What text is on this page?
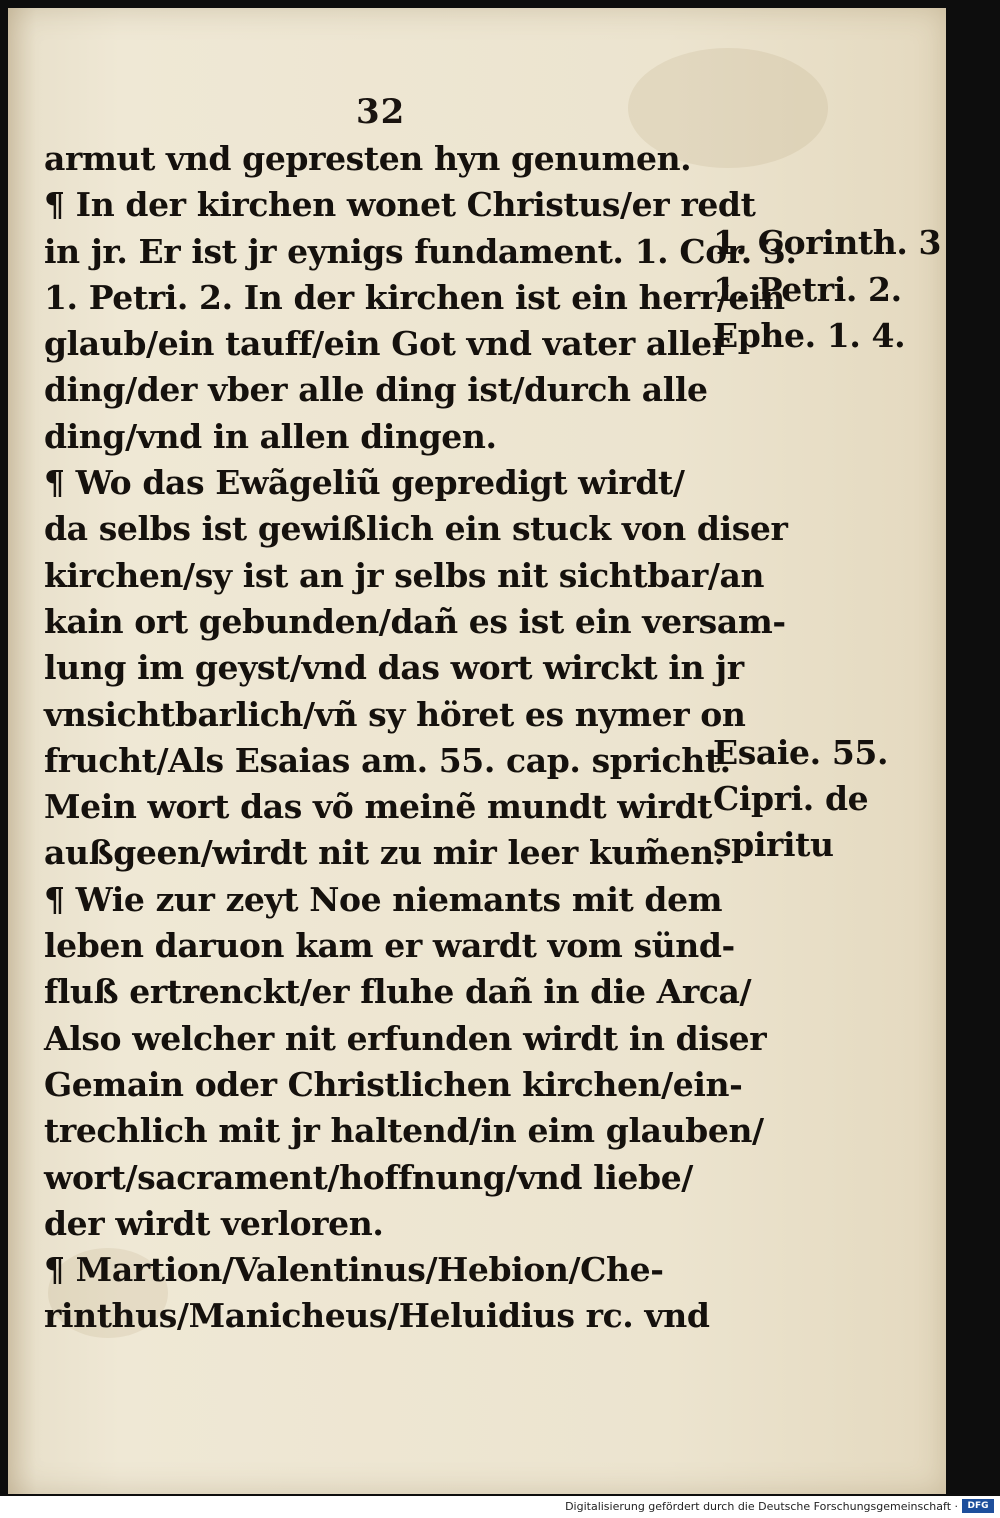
32
armut vnd gepresten hyn genumen.
¶ In der kirchen wonet Christus/er redt
in jr. Er ist jr eynigs fundament. 1. Cor. 3.
1. Petri. 2. In der kirchen ist ein herr/ein
glaub/ein tauff/ein Got vnd vater aller
ding/der vber alle ding ist/durch alle
ding/vnd in allen dingen.
¶ Wo das Ewãgeliũ gepredigt wirdt/
da selbs ist gewißlich ein stuck von diser
kirchen/sy ist an jr selbs nit sichtbar/an
kain ort gebunden/dañ es ist ein versam-
lung im geyst/vnd das wort wirckt in jr
vnsichtbarlich/vñ sy höret es nymer on
frucht/Als Esaias am. 55. cap. spricht.
Mein wort das võ meinẽ mundt wirdt
außgeen/wirdt nit zu mir leer kum̃en.
¶ Wie zur zeyt Noe niemants mit dem
leben daruon kam er wardt vom sünd-
fluß ertrenckt/er fluhe dañ in die Arca/
Also welcher nit erfunden wirdt in diser
Gemain oder Christlichen kirchen/ein-
trechlich mit jr haltend/in eim glauben/
wort/sacrament/hoffnung/vnd liebe/
der wirdt verloren.
¶ Martion/Valentinus/Hebion/Che-
rinthus/Manicheus/Heluidius rc. vnd
1. Corinth. 3
1. Petri. 2.
Ephe. 1. 4.
Esaie. 55.
Cipri. de
spiritu
Digitalisierung gefördert durch die Deutsche Forschungsgemeinschaft ·	DFG
